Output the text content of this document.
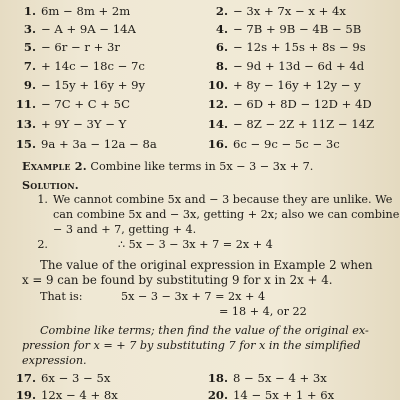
1. 6m − 8m + 2m	2. − 3x + 7x − x + 4x
3. − A + 9A − 14A	4. − 7B + 9B − 4B − 5B
5. − 6r − r + 3r	6. − 12s + 15s + 8s − 9s
7. + 14c − 18c − 7c	8. − 9d + 13d − 6d + 4d
9. − 15y + 16y + 9y	10. + 8y − 16y + 12y − y
11. − 7C + C + 5C	12. − 6D + 8D − 12D + 4D
13. + 9Y − 3Y − Y	14. − 8Z − 2Z + 11Z − 14Z
15. 9a + 3a − 12a − 8a	16. 6c − 9c − 5c − 3c
Example 2. Combine like terms in 5x − 3 − 3x + 7.
Solution.
1. We cannot combine 5x and − 3 because they are unlike. We
can combine 5x and − 3x, getting + 2x; also we can combine
− 3 and + 7, getting + 4.
2.	∴ 5x − 3 − 3x + 7 = 2x + 4
The value of the original expression in Example 2 when
x = 9 can be found by substituting 9 for x in 2x + 4.
That is:	5x − 3 − 3x + 7 = 2x + 4
= 18 + 4, or 22
Combine like terms; then find the value of the original ex-
pression for x = + 7 by substituting 7 for x in the simplified
expression.
17. 6x − 3 − 5x	18. 8 − 5x − 4 + 3x
19. 12x − 4 + 8x	20. 14 − 5x + 1 + 6x
